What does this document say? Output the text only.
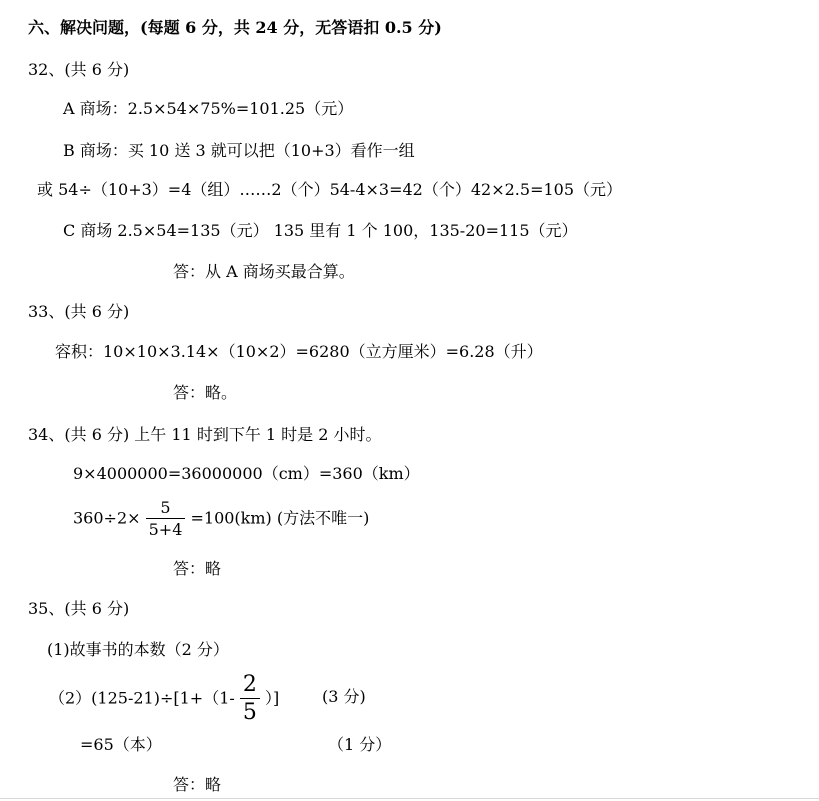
六、解决问题，(每题 6 分，共 24 分，无答语扣 0.5 分)
32、(共 6 分)
A 商场：2.5×54×75%=101.25（元）
B 商场：买 10 送 3 就可以把（10+3）看作一组
或 54÷（10+3）=4（组）……2（个）54-4×3=42（个）42×2.5=105（元）
C 商场 2.5×54=135（元） 135 里有 1 个 100，135-20=115（元）
答：从 A 商场买最合算。
33、(共 6 分)
容积：10×10×3.14×（10×2）=6280（立方厘米）=6.28（升）
答：略。
34、(共 6 分) 上午 11 时到下午 1 时是 2 小时。
9×4000000=36000000（cm）=360（km）
$360\div 2\times \frac{5}{5+4} =100(km)$ (方法不唯一)
答：略
35、(共 6 分)
(1)故事书的本数（2 分）
$(2)(125-21)\div[1+(1- \frac{2}{5}$ ）]	(3 分)
=65（本）	（1 分）
答：略
